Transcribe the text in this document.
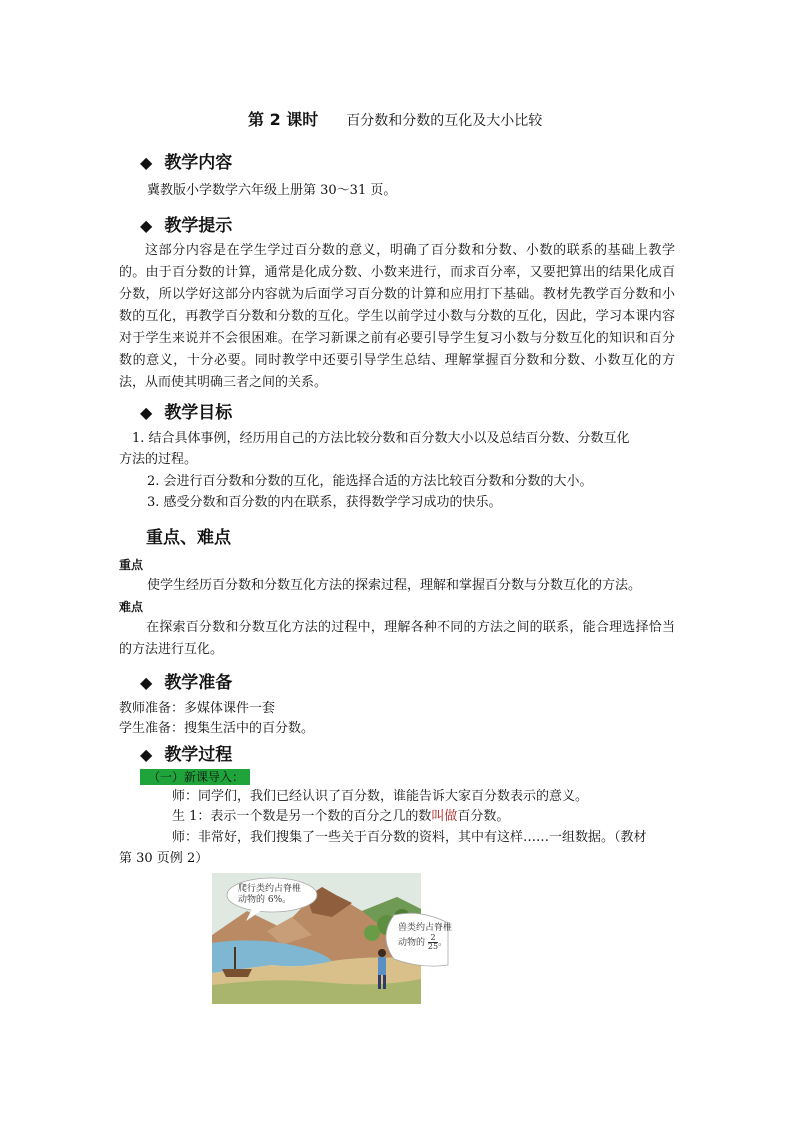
第 2 课时 百分数和分数的互化及大小比较
◆ 教学内容
冀教版小学数学六年级上册第 30～31 页。
◆ 教学提示
这部分内容是在学生学过百分数的意义，明确了百分数和分数、小数的联系的基础上教学的。由于百分数的计算，通常是化成分数、小数来进行，而求百分率，又要把算出的结果化成百分数，所以学好这部分内容就为后面学习百分数的计算和应用打下基础。教材先教学百分数和小数的互化，再教学百分数和分数的互化。学生以前学过小数与分数的互化，因此，学习本课内容对于学生来说并不会很困难。在学习新课之前有必要引导学生复习小数与分数互化的知识和百分数的意义，十分必要。同时教学中还要引导学生总结、理解掌握百分数和分数、小数互化的方法，从而使其明确三者之间的关系。
◆ 教学目标
1. 结合具体事例，经历用自己的方法比较分数和百分数大小以及总结百分数、分数互化
方法的过程。
2. 会进行百分数和分数的互化，能选择合适的方法比较百分数和分数的大小。
3. 感受分数和百分数的内在联系，获得数学学习成功的快乐。
重点、难点
重点
使学生经历百分数和分数互化方法的探索过程，理解和掌握百分数与分数互化的方法。
难点
在探索百分数和分数互化方法的过程中，理解各种不同的方法之间的联系，能合理选择恰当的方法进行互化。
◆ 教学准备
教师准备：多媒体课件一套
学生准备：搜集生活中的百分数。
◆ 教学过程
（一）新课导入：
师：同学们，我们已经认识了百分数，谁能告诉大家百分数表示的意义。
生 1：表示一个数是另一个数的百分之几的数叫做百分数。
师：非常好，我们搜集了一些关于百分数的资料，其中有这样……一组数据。（教材
第 30 页例 2）
爬行类约占脊椎
动物的 6%。
兽类约占脊椎
动物的 $\frac{2}{25}$ 。
